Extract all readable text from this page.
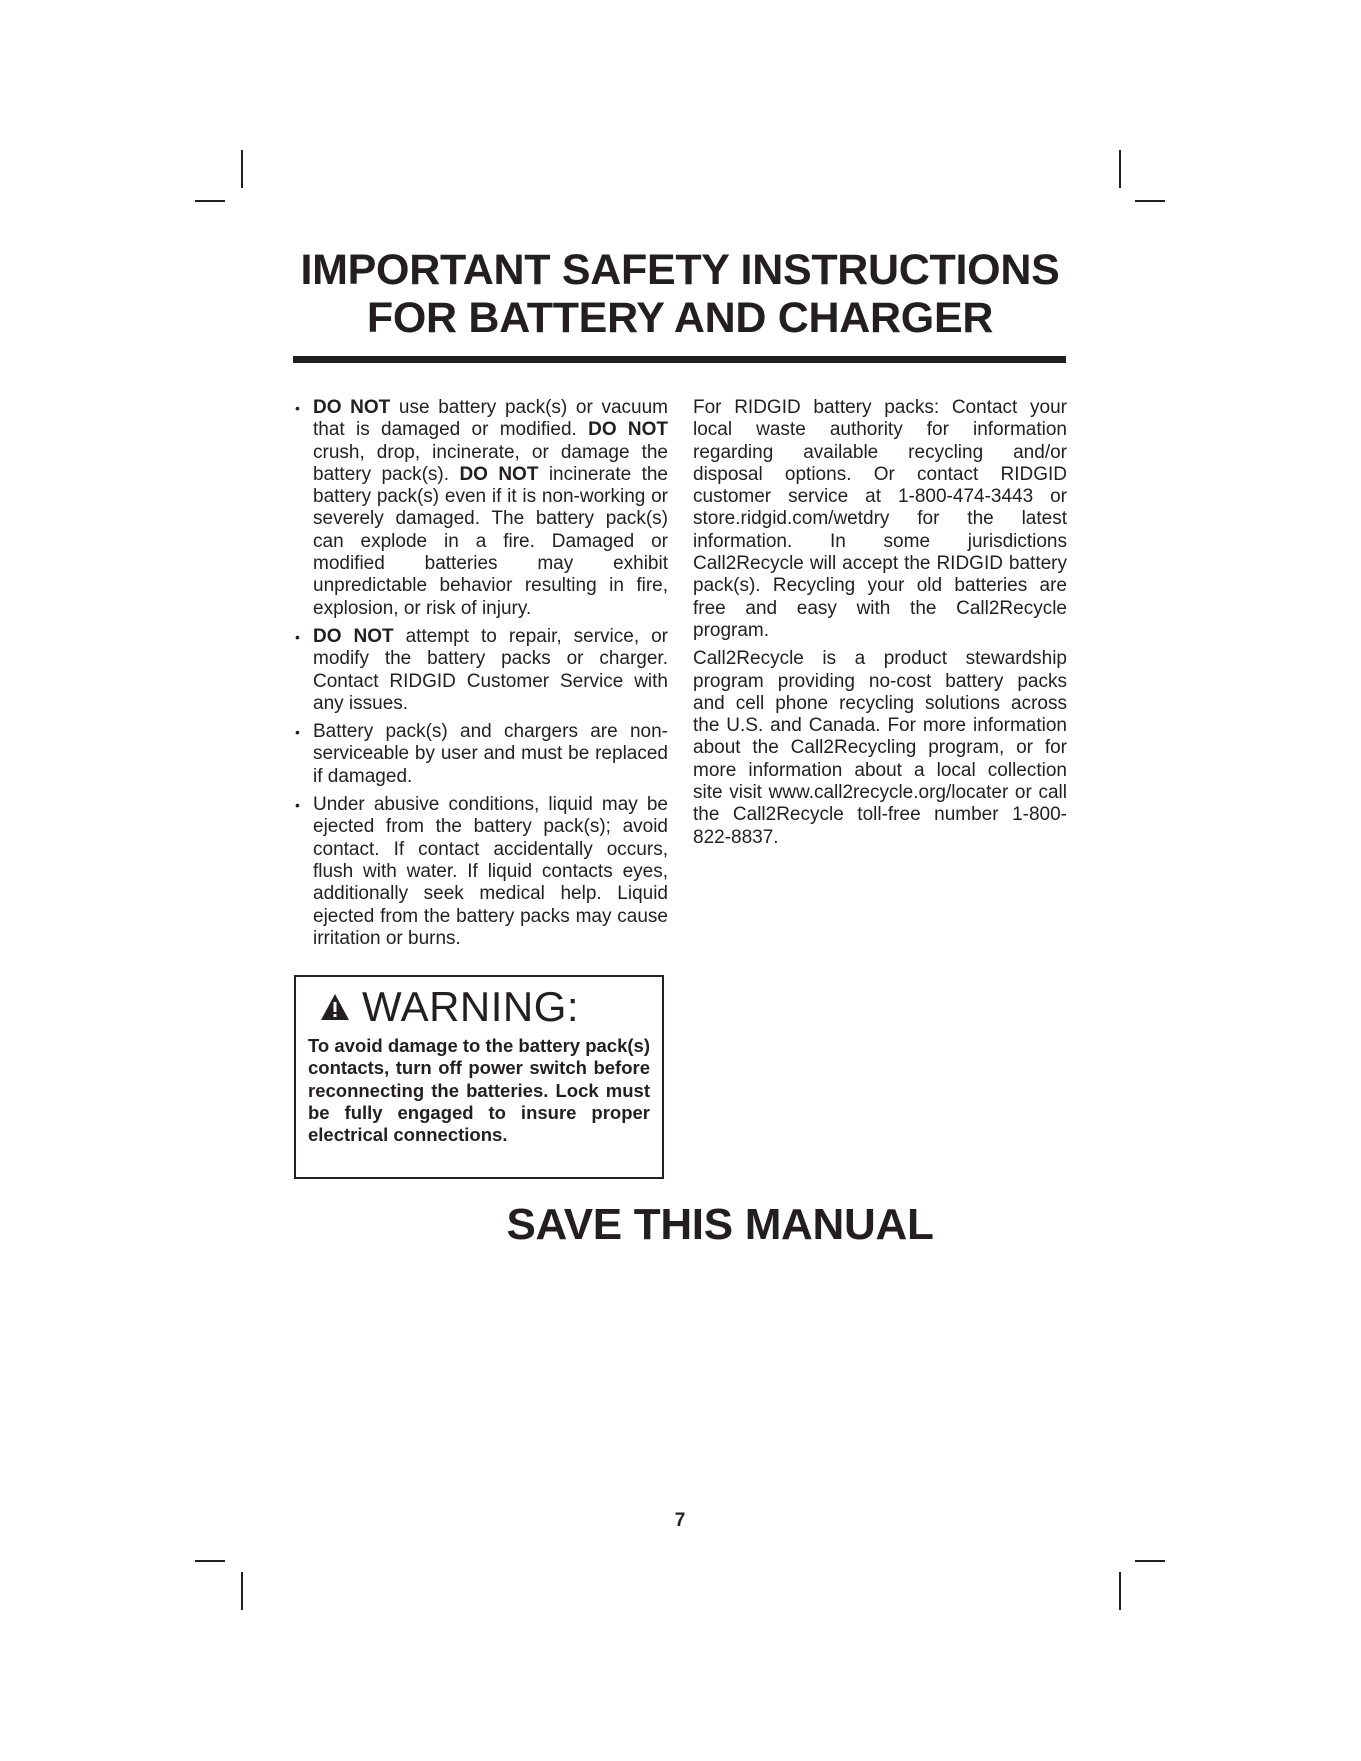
IMPORTANT SAFETY INSTRUCTIONS
FOR BATTERY AND CHARGER
• DO NOT use battery pack(s) or vacuum that is damaged or modified. DO NOT crush, drop, incinerate, or damage the battery pack(s). DO NOT incinerate the battery pack(s) even if it is non-working or severely damaged. The battery pack(s) can explode in a fire. Damaged or modified batteries may exhibit unpredictable behavior resulting in fire, explosion, or risk of injury.
• DO NOT attempt to repair, service, or modify the battery packs or charger. Contact RIDGID Customer Service with any issues.
• Battery pack(s) and chargers are non-serviceable by user and must be replaced if damaged.
• Under abusive conditions, liquid may be ejected from the battery pack(s); avoid contact. If contact accidentally occurs, flush with water. If liquid contacts eyes, additionally seek medical help. Liquid ejected from the battery packs may cause irritation or burns.

For RIDGID battery packs: Contact your local waste authority for information regarding available recycling and/or disposal options. Or contact RIDGID customer service at 1-800-474-3443 or store.ridgid.com/wetdry for the latest information. In some jurisdictions Call2Recycle will accept the RIDGID battery pack(s). Recycling your old batteries are free and easy with the Call2Recycle program.

Call2Recycle is a product stewardship program providing no-cost battery packs and cell phone recycling solutions across the U.S. and Canada. For more information about the Call2Recycling program, or for more information about a local collection site visit www.call2recycle.org/locater or call the Call2Recycle toll-free number 1-800-822-8837.

WARNING:
To avoid damage to the battery pack(s) contacts, turn off power switch before reconnecting the batteries. Lock must be fully engaged to insure proper electrical connections.
SAVE THIS MANUAL
7
